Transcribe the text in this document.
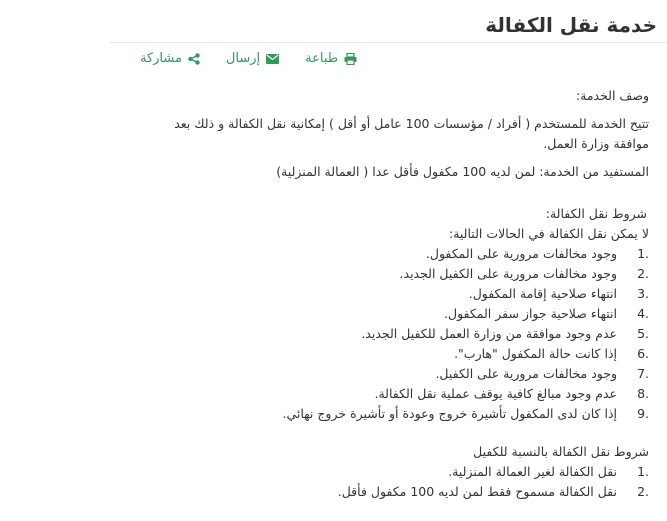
خدمة نقل الكفالة
طباعة
إرسال
مشاركة

وصف الخدمة:

تتيح الخدمة للمستخدم ( أفراد / مؤسسات 100 عامل أو أقل ) إمكانية نقل الكفالة و ذلك بعد موافقة وزارة العمل.

المستفيد من الخدمة: لمن لديه 100 مكفول فأقل عدا ( العمالة المنزلية)

شروط نقل الكفالة:

لا يمكن نقل الكفالة في الحالات التالية:

1.
وجود مخالفات مرورية على المكفول.
2.
وجود مخالفات مرورية على الكفيل الجديد.
3.
انتهاء صلاحية إقامة المكفول.
4.
انتهاء صلاحية جواز سفر المكفول.
5.
عدم وجود موافقة من وزارة العمل للكفيل الجديد.
6.
إذا كانت حالة المكفول "هارب".
7.
وجود مخالفات مرورية على الكفيل.
8.
عدم وجود مبالغ كافية يوقف عملية نقل الكفالة.
9.
إذا كان لدى المكفول تأشيرة خروج وعودة أو تأشيرة خروج نهائي.

شروط نقل الكفالة بالنسبة للكفيل

1.
نقل الكفالة لغير العمالة المنزلية.
2.
نقل الكفالة مسموح فقط لمن لديه 100 مكفول فأقل.
